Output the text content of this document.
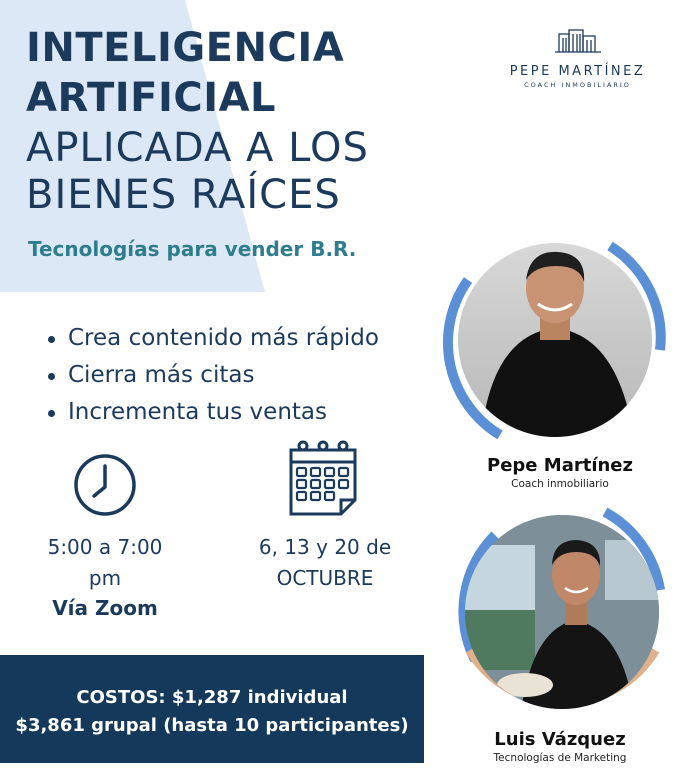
INTELIGENCIA
ARTIFICIAL
APLICADA A LOS
BIENES RAÍCES
Tecnologías para vender B.R.
PEPE MARTÍNEZ
COACH INMOBILIARIO
Crea contenido más rápido
Cierra más citas
Incrementa tus ventas
5:00 a 7:00
pm
Vía Zoom
6, 13 y 20 de
OCTUBRE
COSTOS: $1,287 individual
$3,861 grupal (hasta 10 participantes)
Pepe Martínez
Coach inmobiliario
Luis Vázquez
Tecnologías de Marketing
